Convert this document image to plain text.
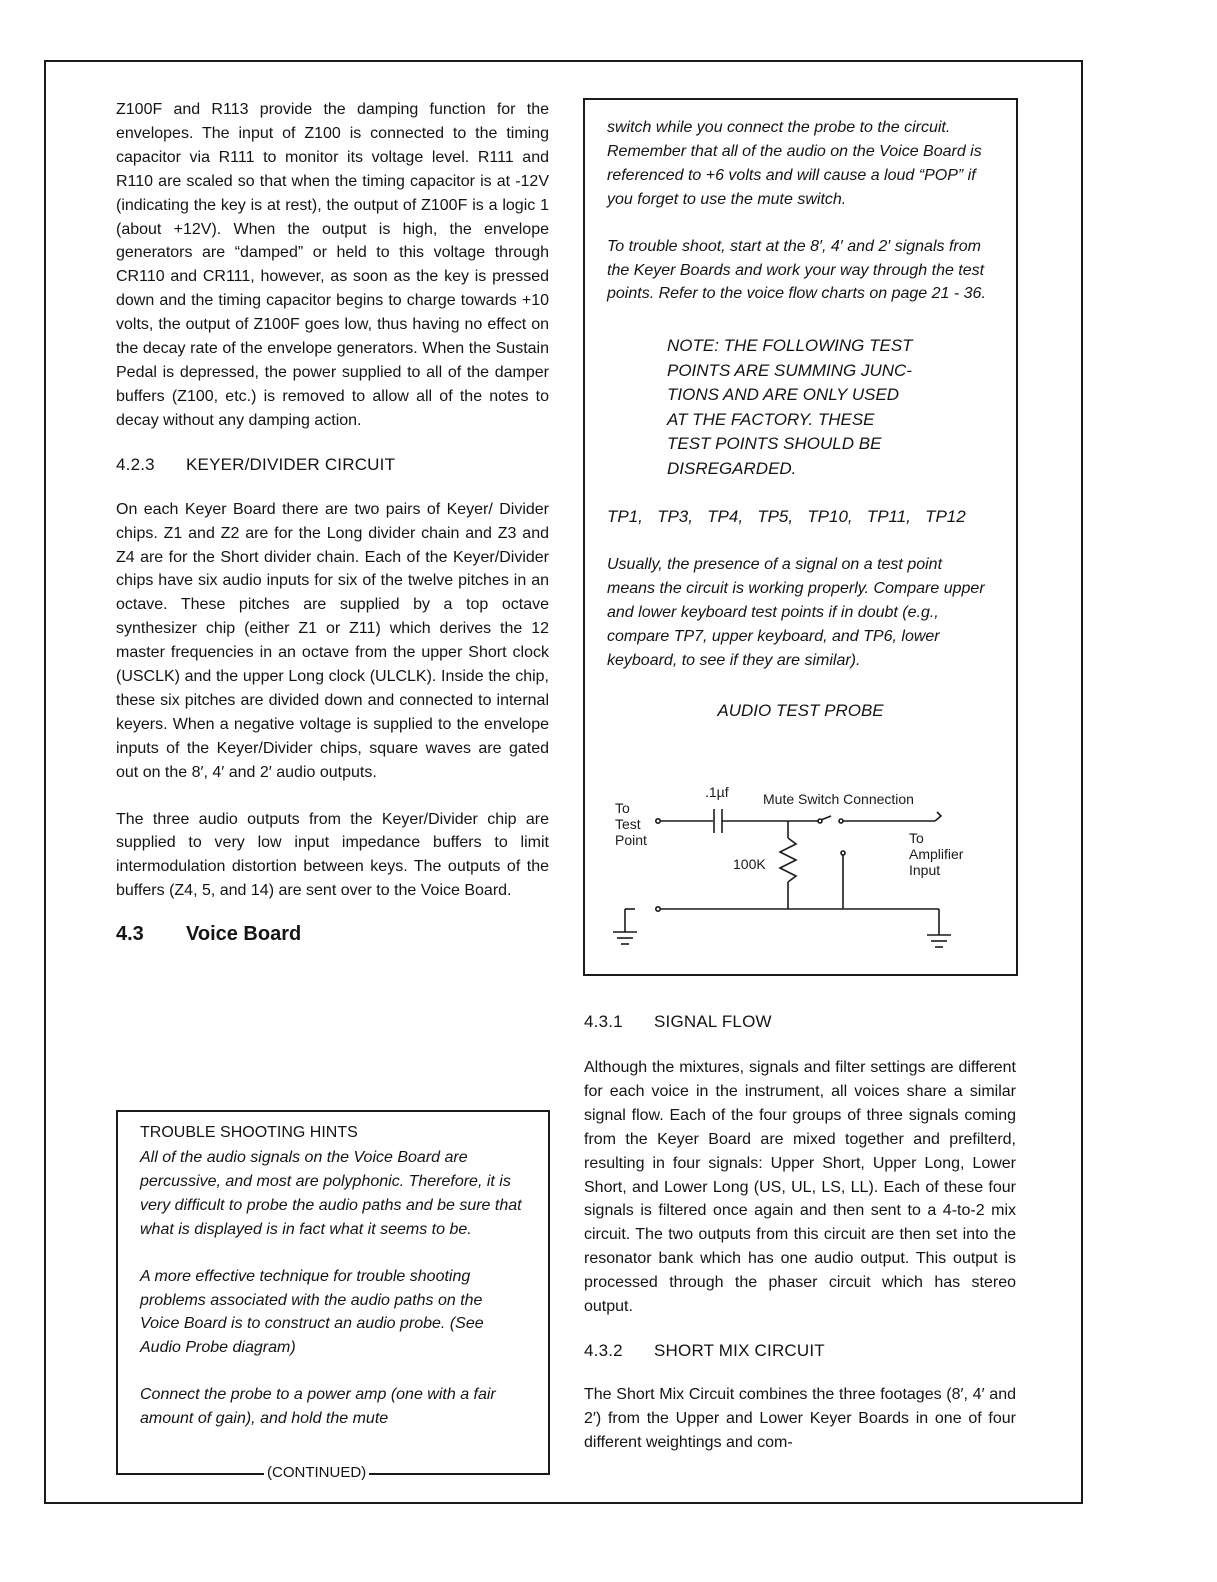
Z100F and R113 provide the damping function for the envelopes. The input of Z100 is connected to the timing capacitor via R111 to monitor its voltage level. R111 and R110 are scaled so that when the timing capacitor is at -12V (indicating the key is at rest), the output of Z100F is a logic 1 (about +12V). When the output is high, the envelope generators are “damped” or held to this voltage through CR110 and CR111, however, as soon as the key is pressed down and the timing capacitor begins to charge towards +10 volts, the output of Z100F goes low, thus having no effect on the decay rate of the envelope generators. When the Sustain Pedal is depressed, the power supplied to all of the damper buffers (Z100, etc.) is removed to allow all of the notes to decay without any damping action.

4.2.3 KEYER/DIVIDER CIRCUIT

On each Keyer Board there are two pairs of Keyer/ Divider chips. Z1 and Z2 are for the Long divider chain and Z3 and Z4 are for the Short divider chain. Each of the Keyer/Divider chips have six audio inputs for six of the twelve pitches in an octave. These pitches are supplied by a top octave synthesizer chip (either Z1 or Z11) which derives the 12 master frequencies in an octave from the upper Short clock (USCLK) and the upper Long clock (ULCLK). Inside the chip, these six pitches are divided down and connected to internal keyers. When a negative voltage is supplied to the envelope inputs of the Keyer/Divider chips, square waves are gated out on the 8′, 4′ and 2′ audio outputs.

The three audio outputs from the Keyer/Divider chip are supplied to very low input impedance buffers to limit intermodulation distortion between keys. The outputs of the buffers (Z4, 5, and 14) are sent over to the Voice Board.

4.3 Voice Board

TROUBLE SHOOTING HINTS

All of the audio signals on the Voice Board are percussive, and most are polyphonic. Therefore, it is very difficult to probe the audio paths and be sure that what is displayed is in fact what it seems to be.

A more effective technique for trouble shooting problems associated with the audio paths on the Voice Board is to construct an audio probe. (See Audio Probe diagram)

Connect the probe to a power amp (one with a fair amount of gain), and hold the mute

(CONTINUED)

switch while you connect the probe to the circuit. Remember that all of the audio on the Voice Board is referenced to +6 volts and will cause a loud “POP” if you forget to use the mute switch.

To trouble shoot, start at the 8′, 4′ and 2′ signals from the Keyer Boards and work your way through the test points. Refer to the voice flow charts on page 21 - 36.

NOTE: THE FOLLOWING TEST
POINTS ARE SUMMING JUNC-
TIONS AND ARE ONLY USED
AT THE FACTORY. THESE
TEST POINTS SHOULD BE
DISREGARDED.

TP1,   TP3,   TP4,   TP5,   TP10,   TP11,   TP12

Usually, the presence of a signal on a test point means the circuit is working properly. Compare upper and lower keyboard test points if in doubt (e.g., compare TP7, upper keyboard, and TP6, lower keyboard, to see if they are similar).

AUDIO TEST PROBE

.1µf Mute Switch Connection
To
Test
Point
100K
To
Amplifier
Input

4.3.1 SIGNAL FLOW

Although the mixtures, signals and filter settings are different for each voice in the instrument, all voices share a similar signal flow. Each of the four groups of three signals coming from the Keyer Board are mixed together and prefilterd, resulting in four signals: Upper Short, Upper Long, Lower Short, and Lower Long (US, UL, LS, LL). Each of these four signals is filtered once again and then sent to a 4-to-2 mix circuit. The two outputs from this circuit are then set into the resonator bank which has one audio output. This output is processed through the phaser circuit which has stereo output.

4.3.2 SHORT MIX CIRCUIT

The Short Mix Circuit combines the three footages (8′, 4′ and 2′) from the Upper and Lower Keyer Boards in one of four different weightings and com-
